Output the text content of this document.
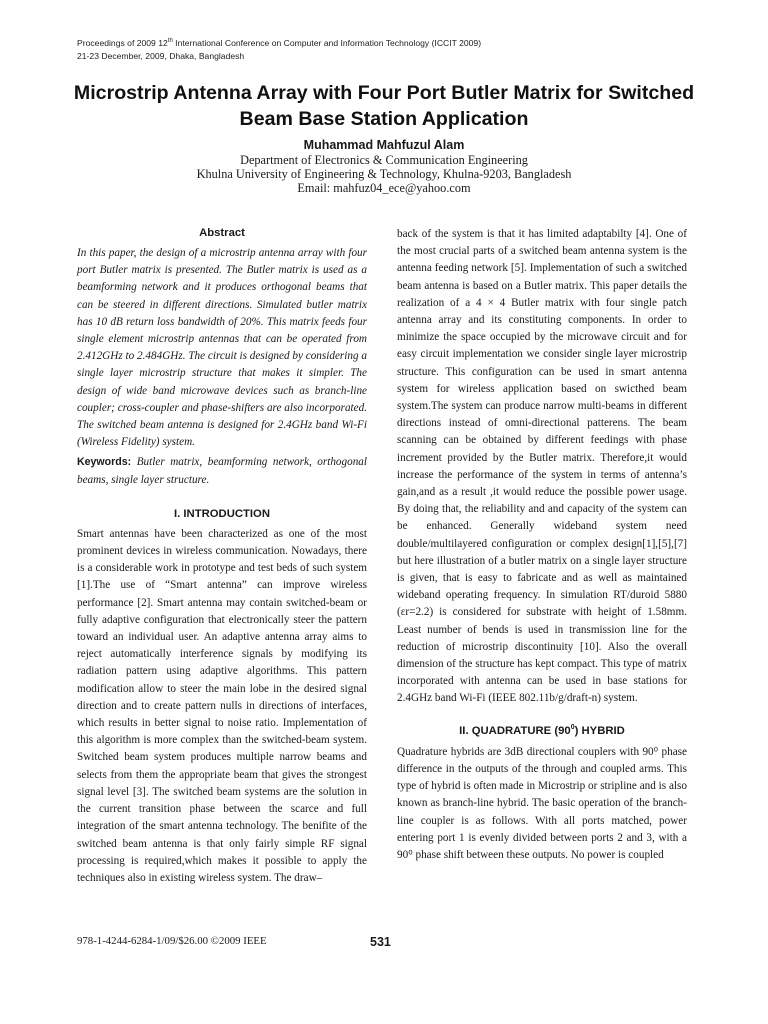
Proceedings of 2009 12th International Conference on Computer and Information Technology (ICCIT 2009)
21-23 December, 2009, Dhaka, Bangladesh
Microstrip Antenna Array with Four Port Butler Matrix for Switched Beam Base Station Application
Muhammad Mahfuzul Alam
Department of Electronics & Communication Engineering
Khulna University of Engineering & Technology, Khulna-9203, Bangladesh
Email: mahfuz04_ece@yahoo.com
Abstract

In this paper, the design of a microstrip antenna array with four port Butler matrix is presented. The Butler matrix is used as a beamforming network and it produces orthogonal beams that can be steered in different directions. Simulated butler matrix has 10 dB return loss bandwidth of 20%. This matrix feeds four single element microstrip antennas that can be operated from 2.412GHz to 2.484GHz. The circuit is designed by considering a single layer microstrip structure that makes it simpler. The design of wide band microwave devices such as branch-line coupler; cross-coupler and phase-shifters are also incorporated. The switched beam antenna is designed for 2.4GHz band Wi-Fi (Wireless Fidelity) system.

Keywords: Butler matrix, beamforming network, orthogonal beams, single layer structure.

I. INTRODUCTION

Smart antennas have been characterized as one of the most prominent devices in wireless communication. Nowadays, there is a considerable work in prototype and test beds of such system [1].The use of “Smart antenna” can improve wireless performance [2]. Smart antenna may contain switched-beam or fully adaptive configuration that electronically steer the pattern toward an individual user. An adaptive antenna array aims to reject automatically interference signals by modifying its radiation pattern using adaptive algorithms. This pattern modification allow to steer the main lobe in the desired signal direction and to create pattern nulls in directions of interfaces, which results in better signal to noise ratio. Implementation of this algorithm is more complex than the switched-beam system. Switched beam system produces multiple narrow beams and selects from them the appropriate beam that gives the strongest signal level [3]. The switched beam systems are the solution in the current transition phase between the scarce and full integration of the smart antenna technology. The benifite of the switched beam antenna is that only fairly simple RF signal processing is required,which makes it possible to apply the techniques also in existing wireless system. The draw–

back of the system is that it has limited adaptabilty [4]. One of the most crucial parts of a switched beam antenna system is the antenna feeding network [5]. Implementation of such a switched beam antenna is based on a Butler matrix. This paper details the realization of a 4 × 4 Butler matrix with four single patch antenna array and its constituting components. In order to minimize the space occupied by the microwave circuit and for easy circuit implementation we consider single layer microstrip structure. This configuration can be used in smart antenna system for wireless application based on swicthed beam system.The system can produce narrow multi-beams in different directions instead of omni-directional patterens. The beam scanning can be obtained by different feedings with phase increment provided by the Butler matrix. Therefore,it would increase the performance of the system in terms of antenna’s gain,and as a result ,it would reduce the possible power usage. By doing that, the reliability and and capacity of the system can be enhanced. Generally wideband system need double/multilayered configuration or complex design[1],[5],[7] but here illustration of a butler matrix on a single layer structure is given, that is easy to fabricate and as well as maintained wideband operating frequency. In simulation RT/duroid 5880 (εr=2.2) is considered for substrate with height of 1.58mm. Least number of bends is used in transmission line for the reduction of microstrip discontinuity [10]. Also the overall dimension of the structure has kept compact. This type of matrix incorporated with antenna can be used in base stations for 2.4GHz band Wi-Fi (IEEE 802.11b/g/draft-n) system.

II. QUADRATURE $(90^0)$ HYBRID

Quadrature hybrids are 3dB directional couplers with 90⁰ phase difference in the outputs of the through and coupled arms. This type of hybrid is often made in Microstrip or stripline and is also known as branch-line hybrid. The basic operation of the branch-line coupler is as follows. With all ports matched, power entering port 1 is evenly divided between ports 2 and 3, with a 90⁰ phase shift between these outputs. No power is coupled

978-1-4244-6284-1/09/$26.00 ©2009 IEEE	531
